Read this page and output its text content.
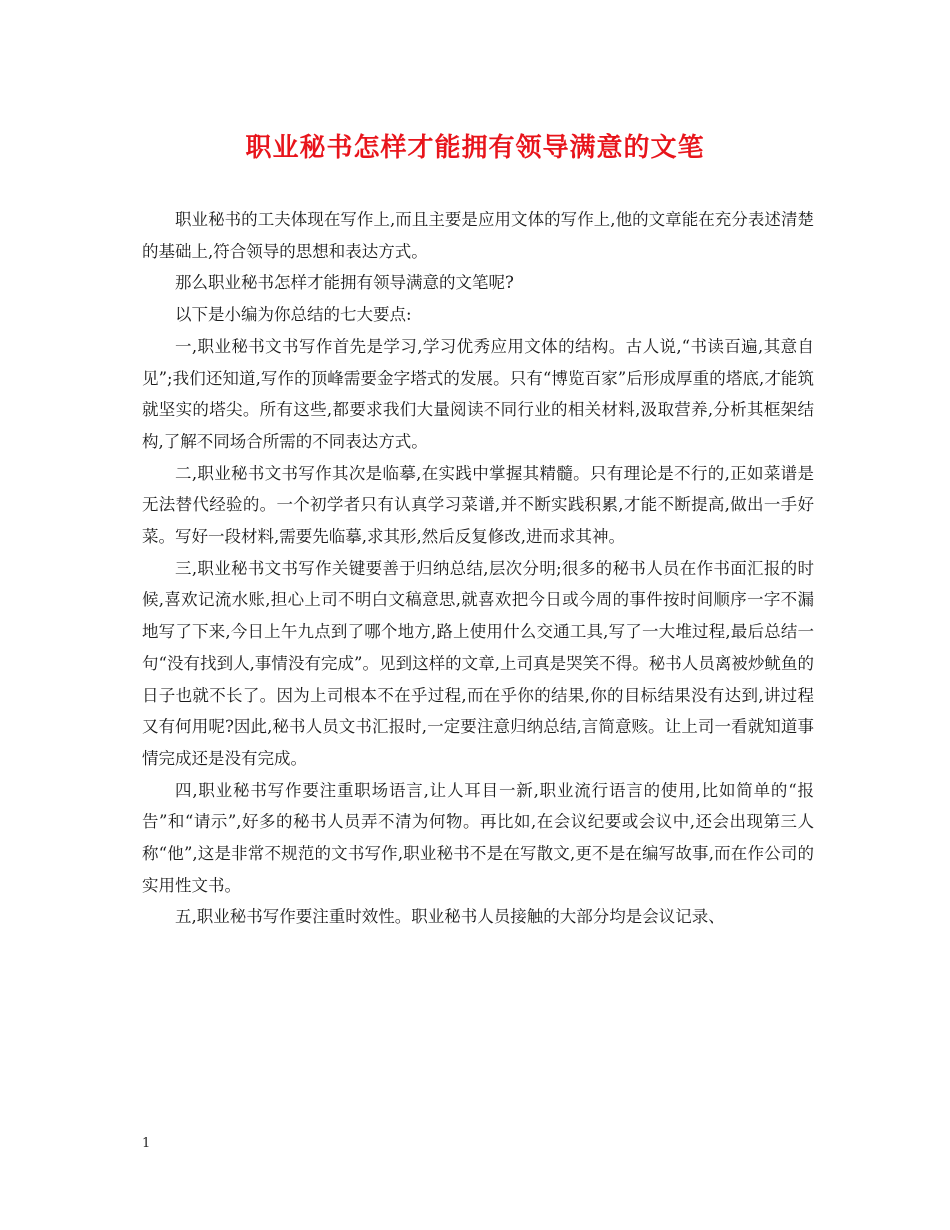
职业秘书怎样才能拥有领导满意的文笔

职业秘书的工夫体现在写作上,而且主要是应用文体的写作上,他的文章能在充分表述清楚的基础上,符合领导的思想和表达方式。

那么职业秘书怎样才能拥有领导满意的文笔呢?

以下是小编为你总结的七大要点:

一,职业秘书文书写作首先是学习,学习优秀应用文体的结构。古人说,“书读百遍,其意自见”;我们还知道,写作的顶峰需要金字塔式的发展。只有“博览百家”后形成厚重的塔底,才能筑就坚实的塔尖。所有这些,都要求我们大量阅读不同行业的相关材料,汲取营养,分析其框架结构,了解不同场合所需的不同表达方式。

二,职业秘书文书写作其次是临摹,在实践中掌握其精髓。只有理论是不行的,正如菜谱是无法替代经验的。一个初学者只有认真学习菜谱,并不断实践积累,才能不断提高,做出一手好菜。写好一段材料,需要先临摹,求其形,然后反复修改,进而求其神。

三,职业秘书文书写作关键要善于归纳总结,层次分明;很多的秘书人员在作书面汇报的时候,喜欢记流水账,担心上司不明白文稿意思,就喜欢把今日或今周的事件按时间顺序一字不漏地写了下来,今日上午九点到了哪个地方,路上使用什么交通工具,写了一大堆过程,最后总结一句“没有找到人,事情没有完成”。见到这样的文章,上司真是哭笑不得。秘书人员离被炒鱿鱼的日子也就不长了。因为上司根本不在乎过程,而在乎你的结果,你的目标结果没有达到,讲过程又有何用呢?因此,秘书人员文书汇报时,一定要注意归纳总结,言简意赅。让上司一看就知道事情完成还是没有完成。

四,职业秘书写作要注重职场语言,让人耳目一新,职业流行语言的使用,比如简单的“报告”和“请示”,好多的秘书人员弄不清为何物。再比如,在会议纪要或会议中,还会出现第三人称“他”,这是非常不规范的文书写作,职业秘书不是在写散文,更不是在编写故事,而在作公司的实用性文书。

五,职业秘书写作要注重时效性。职业秘书人员接触的大部分均是会议记录、

1
